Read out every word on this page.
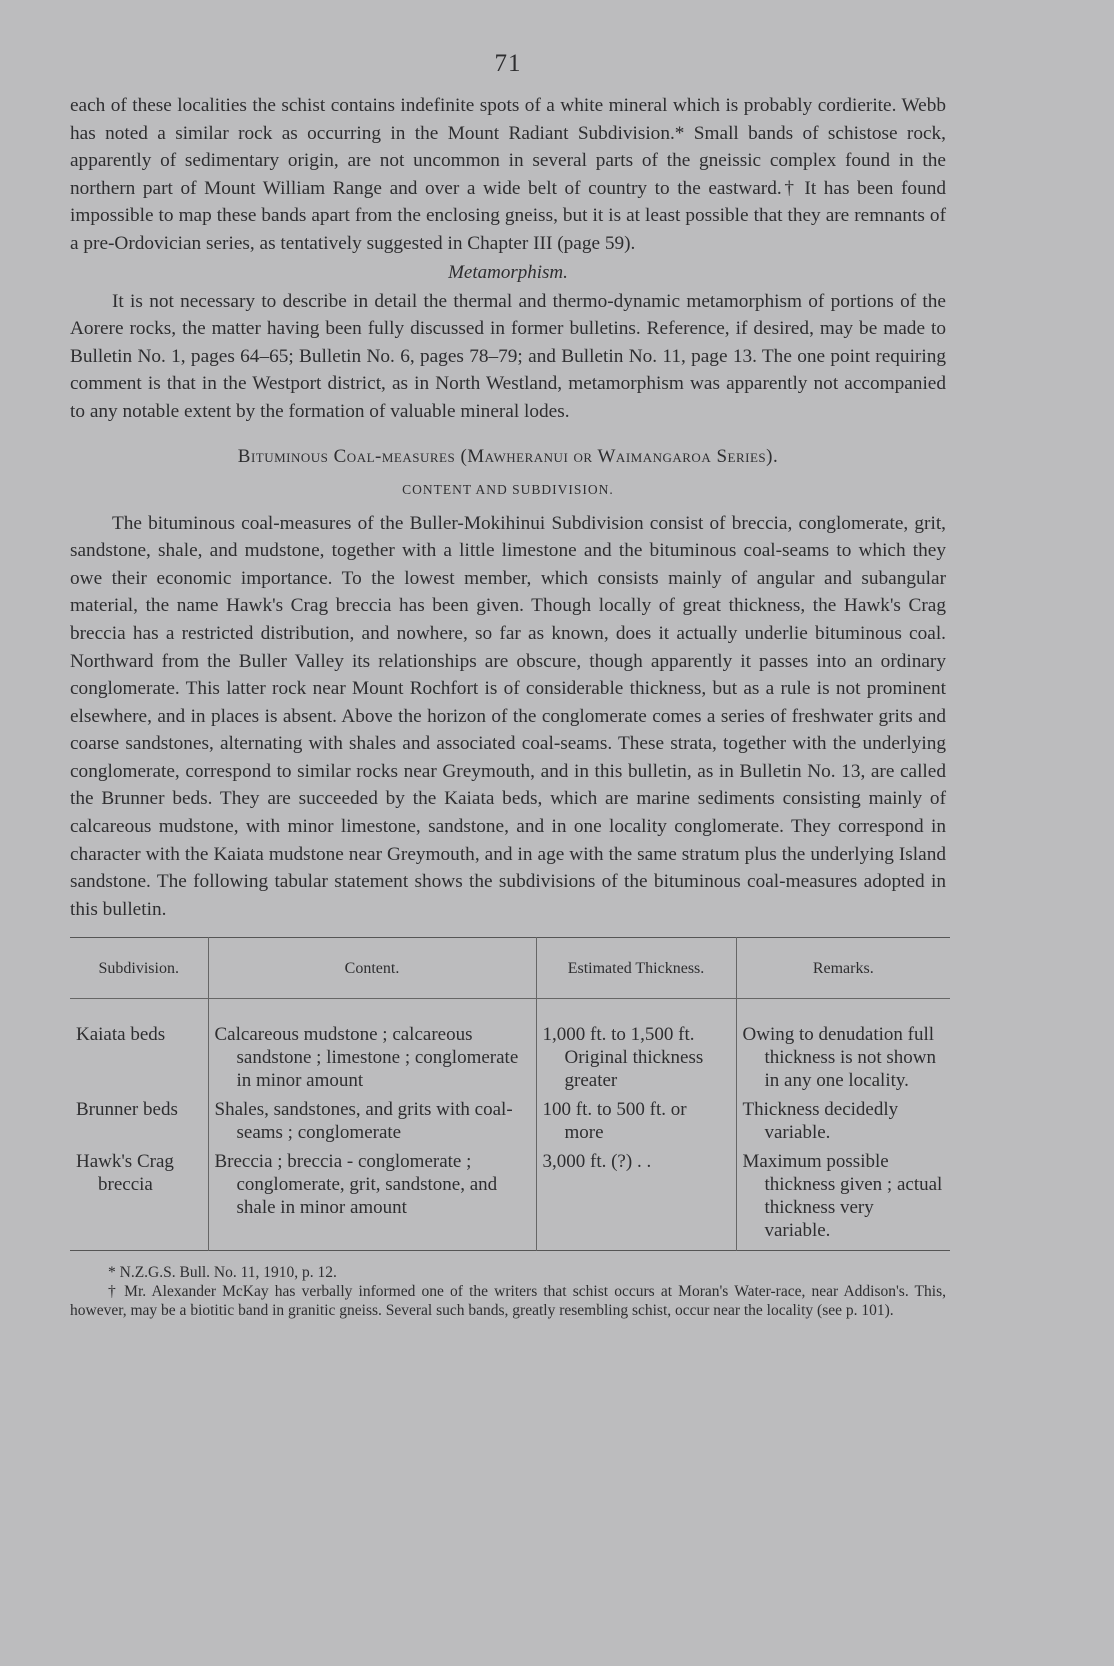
71

each of these localities the schist contains indefinite spots of a white mineral which is probably cordierite. Webb has noted a similar rock as occurring in the Mount Radiant Subdivision.* Small bands of schistose rock, apparently of sedimentary origin, are not uncommon in several parts of the gneissic complex found in the northern part of Mount William Range and over a wide belt of country to the eastward.† It has been found impossible to map these bands apart from the enclosing gneiss, but it is at least possible that they are remnants of a pre-Ordovician series, as tentatively suggested in Chapter III (page 59).

Metamorphism.

It is not necessary to describe in detail the thermal and thermo-dynamic metamorphism of portions of the Aorere rocks, the matter having been fully discussed in former bulletins. Reference, if desired, may be made to Bulletin No. 1, pages 64–65; Bulletin No. 6, pages 78–79; and Bulletin No. 11, page 13. The one point requiring comment is that in the Westport district, as in North Westland, metamorphism was apparently not accompanied to any notable extent by the formation of valuable mineral lodes.

Bituminous Coal-measures (Mawheranui or Waimangaroa Series).

CONTENT AND SUBDIVISION.

The bituminous coal-measures of the Buller-Mokihinui Subdivision consist of breccia, conglomerate, grit, sandstone, shale, and mudstone, together with a little limestone and the bituminous coal-seams to which they owe their economic importance. To the lowest member, which consists mainly of angular and subangular material, the name Hawk's Crag breccia has been given. Though locally of great thickness, the Hawk's Crag breccia has a restricted distribution, and nowhere, so far as known, does it actually underlie bituminous coal. Northward from the Buller Valley its relationships are obscure, though apparently it passes into an ordinary conglomerate. This latter rock near Mount Rochfort is of considerable thickness, but as a rule is not prominent elsewhere, and in places is absent. Above the horizon of the conglomerate comes a series of freshwater grits and coarse sandstones, alternating with shales and associated coal-seams. These strata, together with the underlying conglomerate, correspond to similar rocks near Greymouth, and in this bulletin, as in Bulletin No. 13, are called the Brunner beds. They are succeeded by the Kaiata beds, which are marine sediments consisting mainly of calcareous mudstone, with minor limestone, sandstone, and in one locality conglomerate. They correspond in character with the Kaiata mudstone near Greymouth, and in age with the same stratum plus the underlying Island sandstone. The following tabular statement shows the subdivisions of the bituminous coal-measures adopted in this bulletin.

Subdivision.	Content.	Estimated Thickness.	Remarks.

Kaiata beds	Calcareous mudstone ; calcareous sandstone ; limestone ; conglomerate in minor amount	1,000 ft. to 1,500 ft. Original thickness greater	Owing to denudation full thickness is not shown in any one locality.

Brunner beds	Shales, sandstones, and grits with coal-seams ; conglomerate	100 ft. to 500 ft. or more	Thickness decidedly variable.

Hawk's Crag breccia	Breccia ; breccia - conglomerate ; conglomerate, grit, sandstone, and shale in minor amount	3,000 ft. (?) . .	Maximum possible thickness given ; actual thickness very variable.

* N.Z.G.S. Bull. No. 11, 1910, p. 12.

† Mr. Alexander McKay has verbally informed one of the writers that schist occurs at Moran's Water-race, near Addison's. This, however, may be a biotitic band in granitic gneiss. Several such bands, greatly resembling schist, occur near the locality (see p. 101).
